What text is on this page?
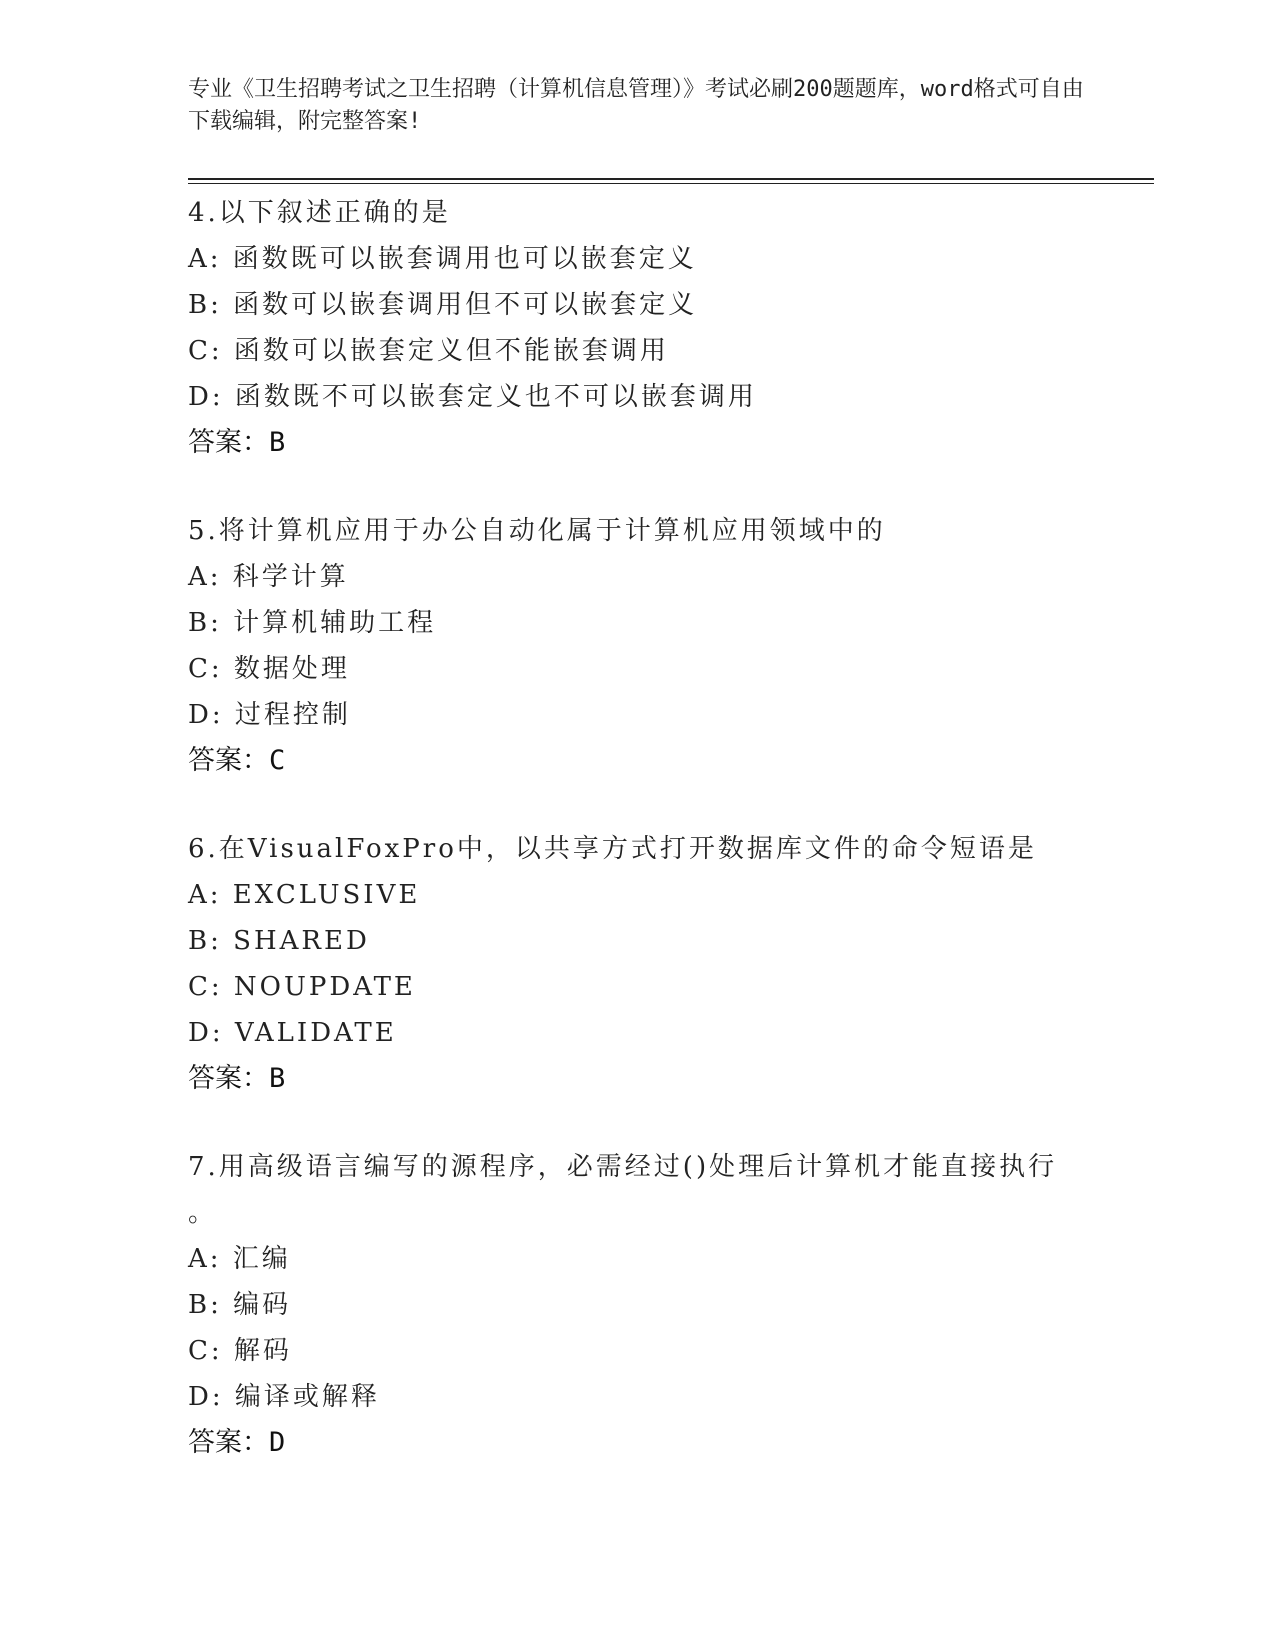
专业《卫生招聘考试之卫生招聘（计算机信息管理）》考试必刷200题题库，word格式可自由下载编辑，附完整答案!
4.以下叙述正确的是
A: 函数既可以嵌套调用也可以嵌套定义
B: 函数可以嵌套调用但不可以嵌套定义
C: 函数可以嵌套定义但不能嵌套调用
D: 函数既不可以嵌套定义也不可以嵌套调用
答案：B
5.将计算机应用于办公自动化属于计算机应用领域中的
A: 科学计算
B: 计算机辅助工程
C: 数据处理
D: 过程控制
答案：C
6.在VisualFoxPro中，以共享方式打开数据库文件的命令短语是
A: EXCLUSIVE
B: SHARED
C: NOUPDATE
D: VALIDATE
答案：B
7.用高级语言编写的源程序，必需经过()处理后计算机才能直接执行
。
A: 汇编
B: 编码
C: 解码
D: 编译或解释
答案：D
